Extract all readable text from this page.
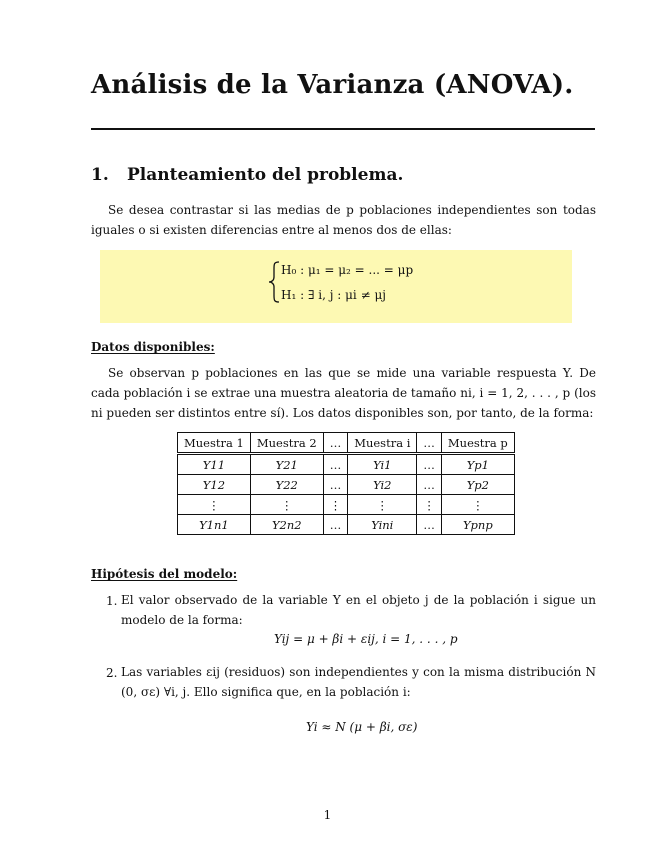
Análisis de la Varianza (ANOVA).
1. Planteamiento del problema.

Se desea contrastar si las medias de p poblaciones independientes son todas iguales o si existen diferencias entre al menos dos de ellas:

H₀ : μ₁ = μ₂ = ... = μp
H₁ : ∃ i, j : μi ≠ μj
Datos disponibles:

Se observan p poblaciones en las que se mide una variable respuesta Y. De cada población i se extrae una muestra aleatoria de tamaño ni, i = 1, 2, . . . , p (los ni pueden ser distintos entre sí). Los datos disponibles son, por tanto, de la forma:

Muestra 1	Muestra 2	…	Muestra i	…	Muestra p
Y11	Y21	…	Yi1	…	Yp1
Y12	Y22	…	Yi2	…	Yp2
⋮	⋮	⋮	⋮	⋮	⋮
Y1n1	Y2n2	…	Yini	…	Ypnp
Hipótesis del modelo:
1. El valor observado de la variable Y en el objeto j de la población i sigue un modelo de la forma:

Yij = μ + βi + εij, i = 1, . . . , p
2. Las variables εij (residuos) son independientes y con la misma distribución N (0, σε) ∀i, j. Ello significa que, en la población i:

Yi ≈ N (μ + βi, σε)
1
